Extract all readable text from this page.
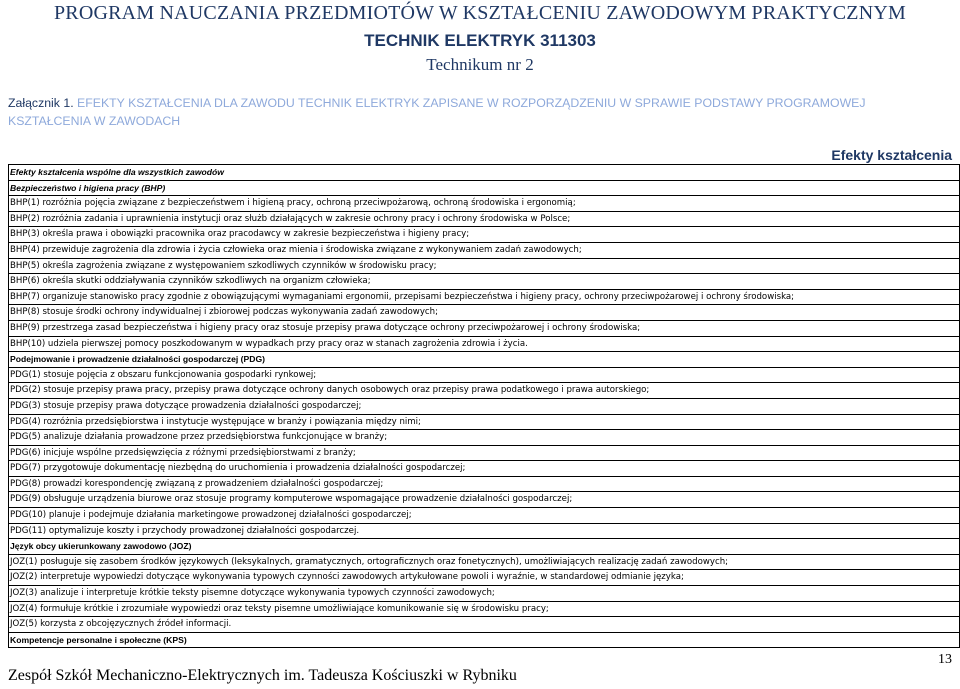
PROGRAM NAUCZANIA PRZEDMIOTÓW W KSZTAŁCENIU ZAWODOWYM PRAKTYCZNYM
TECHNIK ELEKTRYK 311303
Technikum nr 2
Załącznik 1. EFEKTY KSZTAŁCENIA DLA ZAWODU TECHNIK ELEKTRYK ZAPISANE W ROZPORZĄDZENIU W SPRAWIE PODSTAWY PROGRAMOWEJ KSZTAŁCENIA W ZAWODACH
Efekty kształcenia
Efekty kształcenia wspólne dla wszystkich zawodów
Bezpieczeństwo i higiena pracy (BHP)
BHP(1) rozróżnia pojęcia związane z bezpieczeństwem i higieną pracy, ochroną przeciwpożarową, ochroną środowiska i ergonomią;
BHP(2) rozróżnia zadania i uprawnienia instytucji oraz służb działających w zakresie ochrony pracy i ochrony środowiska w Polsce;
BHP(3) określa prawa i obowiązki pracownika oraz pracodawcy w zakresie bezpieczeństwa i higieny pracy;
BHP(4) przewiduje zagrożenia dla zdrowia i życia człowieka oraz mienia i środowiska związane z wykonywaniem zadań zawodowych;
BHP(5) określa zagrożenia związane z występowaniem szkodliwych czynników w środowisku pracy;
BHP(6) określa skutki oddziaływania czynników szkodliwych na organizm człowieka;
BHP(7) organizuje stanowisko pracy zgodnie z obowiązującymi wymaganiami ergonomii, przepisami bezpieczeństwa i higieny pracy, ochrony przeciwpożarowej i ochrony środowiska;
BHP(8) stosuje środki ochrony indywidualnej i zbiorowej podczas wykonywania zadań zawodowych;
BHP(9) przestrzega zasad bezpieczeństwa i higieny pracy oraz stosuje przepisy prawa dotyczące ochrony przeciwpożarowej i ochrony środowiska;
BHP(10) udziela pierwszej pomocy poszkodowanym w wypadkach przy pracy oraz w stanach zagrożenia zdrowia i życia.
Podejmowanie i prowadzenie działalności gospodarczej (PDG)
PDG(1) stosuje pojęcia z obszaru funkcjonowania gospodarki rynkowej;
PDG(2) stosuje przepisy prawa pracy, przepisy prawa dotyczące ochrony danych osobowych oraz przepisy prawa podatkowego i prawa autorskiego;
PDG(3) stosuje przepisy prawa dotyczące prowadzenia działalności gospodarczej;
PDG(4) rozróżnia przedsiębiorstwa i instytucje występujące w branży i powiązania między nimi;
PDG(5) analizuje działania prowadzone przez przedsiębiorstwa funkcjonujące w branży;
PDG(6) inicjuje wspólne przedsięwzięcia z różnymi przedsiębiorstwami z branży;
PDG(7) przygotowuje dokumentację niezbędną do uruchomienia i prowadzenia działalności gospodarczej;
PDG(8) prowadzi korespondencję związaną z prowadzeniem działalności gospodarczej;
PDG(9) obsługuje urządzenia biurowe oraz stosuje programy komputerowe wspomagające prowadzenie działalności gospodarczej;
PDG(10) planuje i podejmuje działania marketingowe prowadzonej działalności gospodarczej;
PDG(11) optymalizuje koszty i przychody prowadzonej działalności gospodarczej.
Język obcy ukierunkowany zawodowo (JOZ)
JOZ(1) posługuje się zasobem środków językowych (leksykalnych, gramatycznych, ortograficznych oraz fonetycznych), umożliwiających realizację zadań zawodowych;
JOZ(2) interpretuje wypowiedzi dotyczące wykonywania typowych czynności zawodowych artykułowane powoli i wyraźnie, w standardowej odmianie języka;
JOZ(3) analizuje i interpretuje krótkie teksty pisemne dotyczące wykonywania typowych czynności zawodowych;
JOZ(4) formułuje krótkie i zrozumiałe wypowiedzi oraz teksty pisemne umożliwiające komunikowanie się w środowisku pracy;
JOZ(5) korzysta z obcojęzycznych źródeł informacji.
Kompetencje personalne i społeczne (KPS)
Zespół Szkół Mechaniczno-Elektrycznych im. Tadeusza Kościuszki w Rybniku
13
